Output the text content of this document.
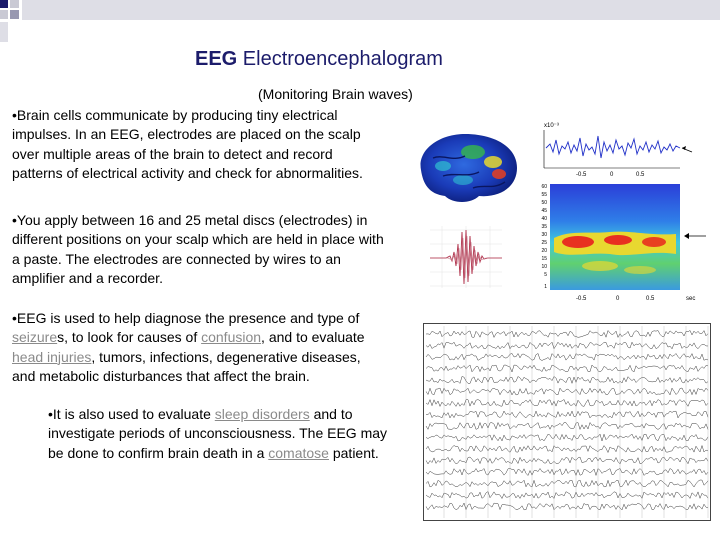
EEG Electroencephalogram
(Monitoring Brain waves)

•Brain cells communicate by producing tiny electrical impulses. In an EEG, electrodes are placed on the scalp over multiple areas of the brain to detect and record patterns of electrical activity and check for abnormalities.

•You apply between 16 and 25 metal discs (electrodes) in different positions on your scalp which are held in place with a paste. The electrodes are connected by wires to an amplifier and a recorder.

•EEG is used to help diagnose the presence and type of seizures, to look for causes of confusion, and to evaluate head injuries, tumors, infections, degenerative diseases, and metabolic disturbances that affect the brain.

•It is also used to evaluate sleep disorders and to investigate periods of unconsciousness. The EEG may be done to confirm brain death in a comatose patient.

x10⁻³
-0.5	0	0.5
60
55
50
45
40
35
30
25
20
15
10
5
1
-0.5	0	0.5	sec
